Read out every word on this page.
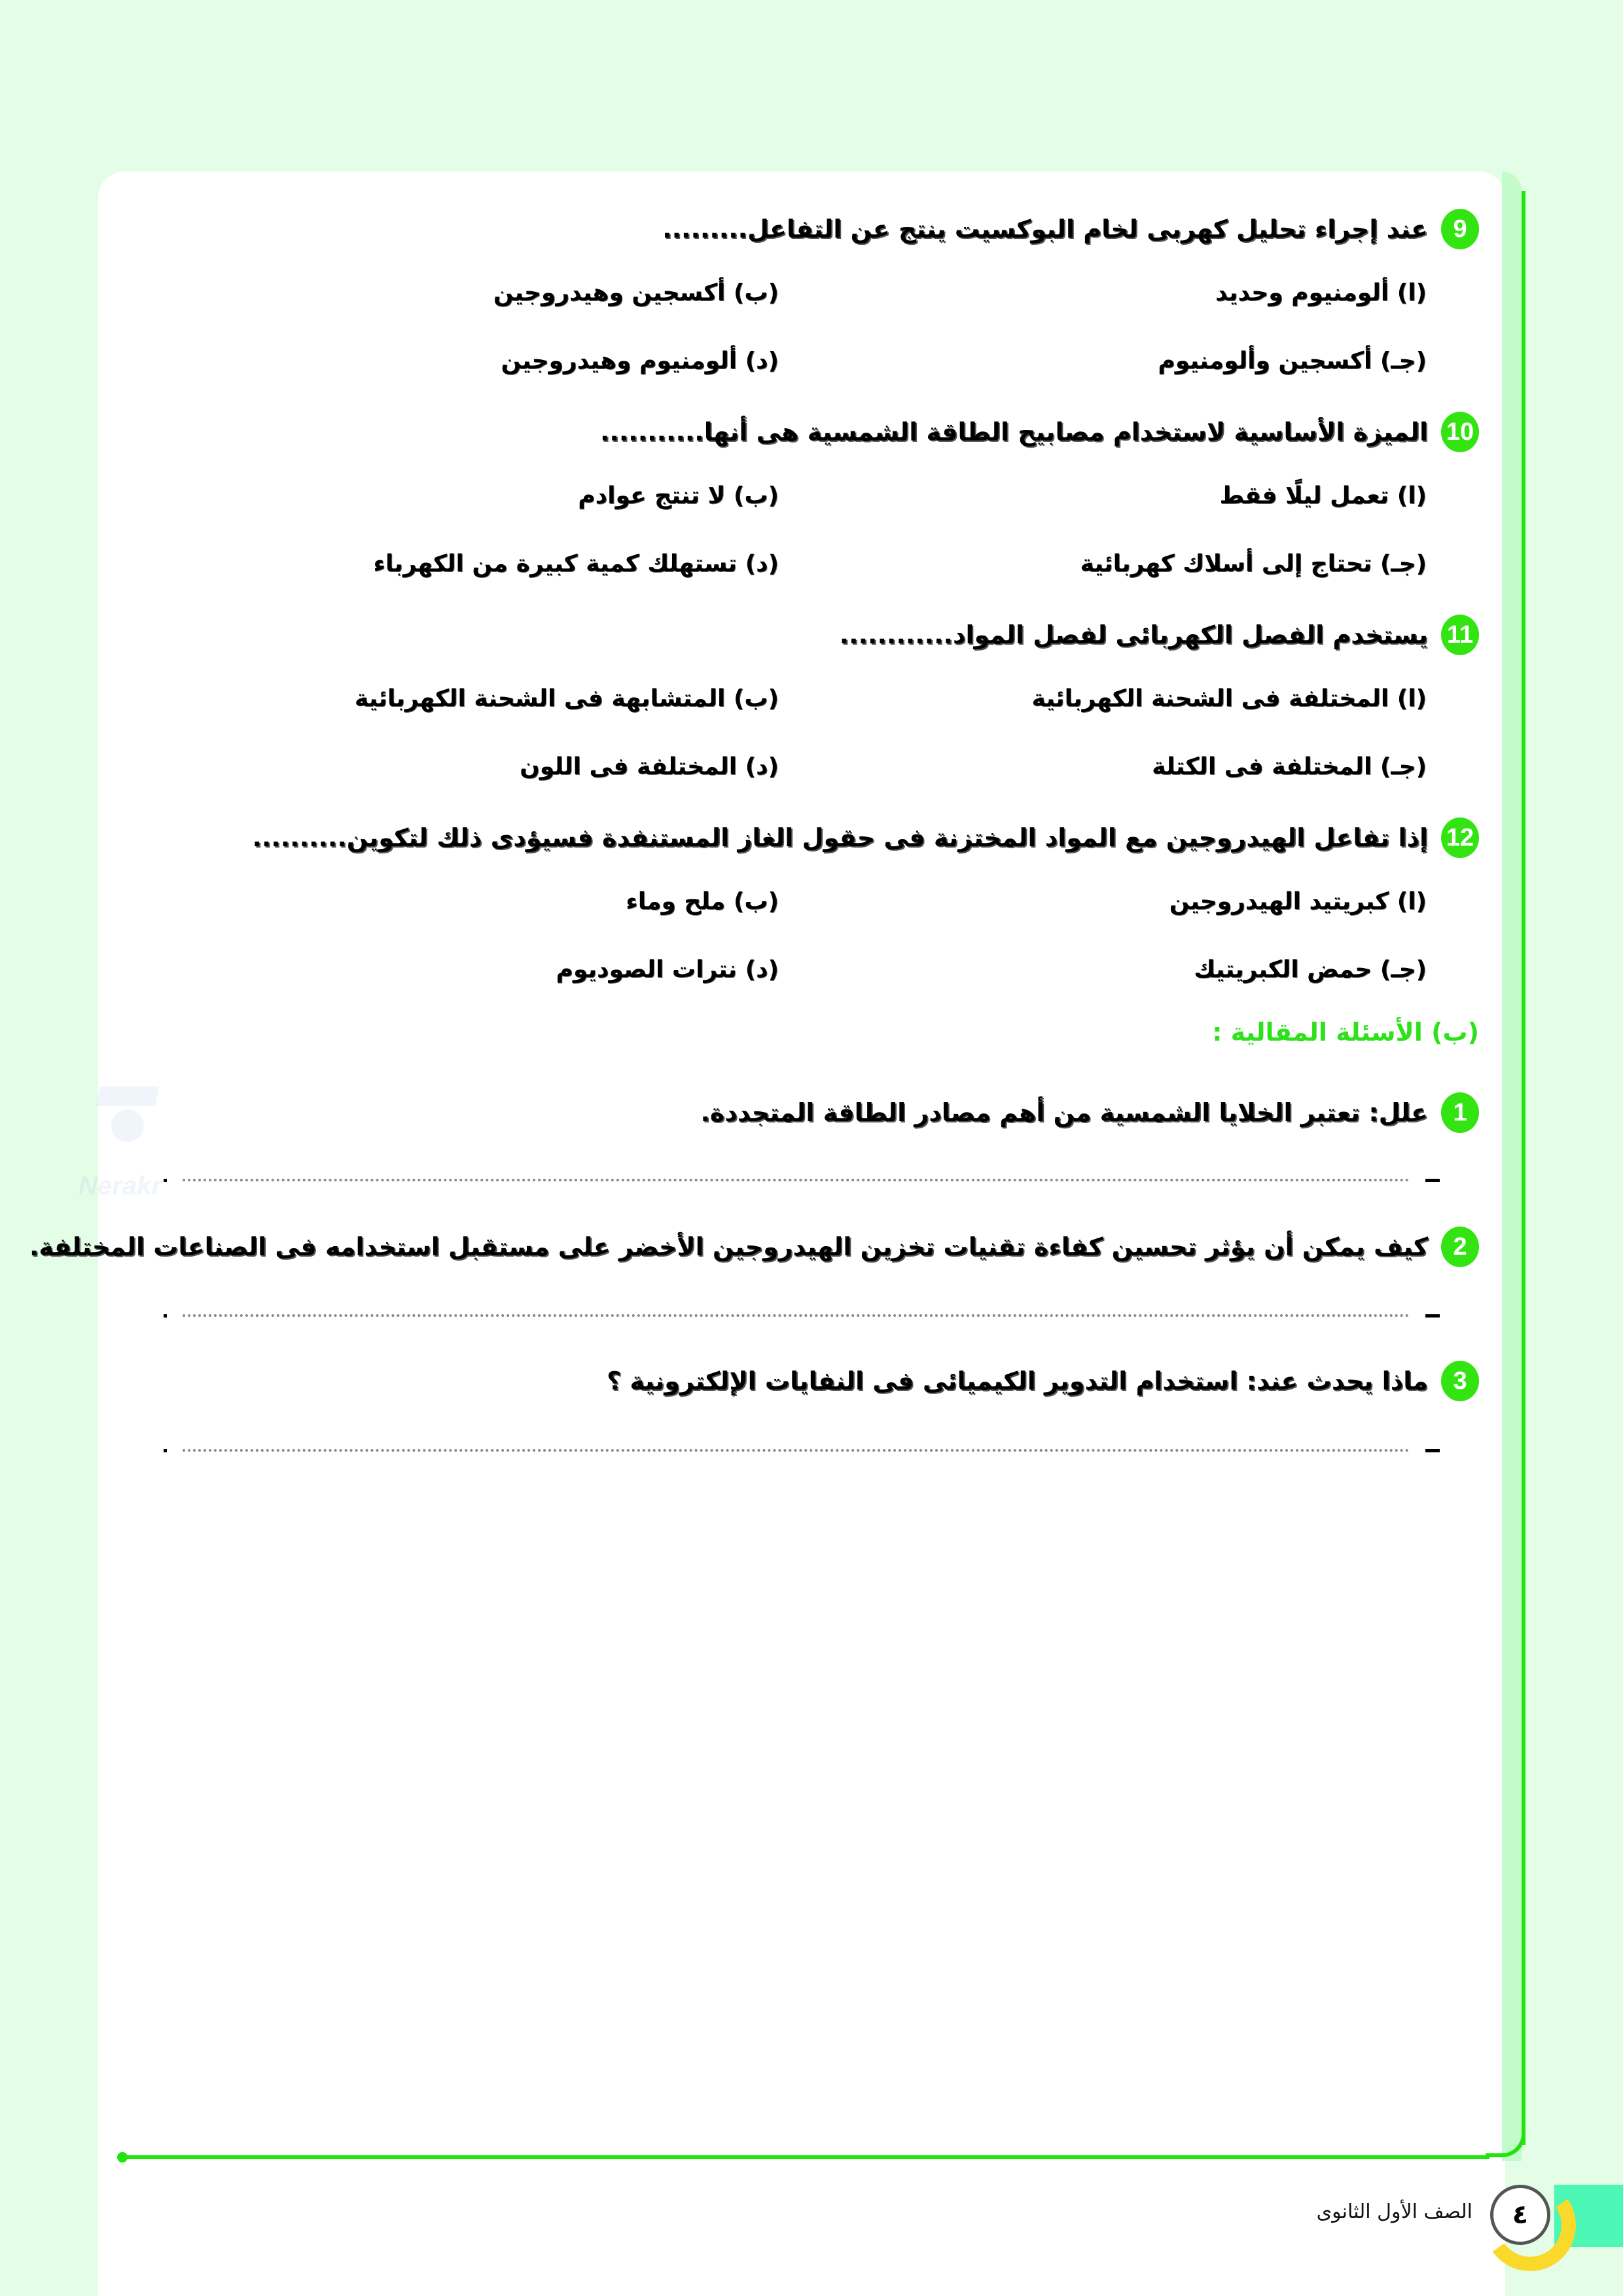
Nerakr
9
عند إجراء تحليل كهربى لخام البوكسيت ينتج عن التفاعل.........
(ا) ألومنيوم وحديد
(ب) أكسجين وهيدروجين
(جـ) أكسجين وألومنيوم
(د) ألومنيوم وهيدروجين
10
الميزة الأساسية لاستخدام مصابيح الطاقة الشمسية هى أنها...........
(ا) تعمل ليلًا فقط
(ب) لا تنتج عوادم
(جـ) تحتاج إلى أسلاك كهربائية
(د) تستهلك كمية كبيرة من الكهرباء
11
يستخدم الفصل الكهربائى لفصل المواد............
(ا) المختلفة فى الشحنة الكهربائية
(ب) المتشابهة فى الشحنة الكهربائية
(جـ) المختلفة فى الكتلة
(د) المختلفة فى اللون
12
إذا تفاعل الهيدروجين مع المواد المختزنة فى حقول الغاز المستنفدة فسيؤدى ذلك لتكوين..........
(ا) كبريتيد الهيدروجين
(ب) ملح وماء
(جـ) حمض الكبريتيك
(د) نترات الصوديوم
(ب) الأسئلة المقالية :
1
علل: تعتبر الخلايا الشمسية من أهم مصادر الطاقة المتجددة.
2
كيف يمكن أن يؤثر تحسين كفاءة تقنيات تخزين الهيدروجين الأخضر على مستقبل استخدامه فى الصناعات المختلفة.
3
ماذا يحدث عند: استخدام التدوير الكيميائى فى النفايات الإلكترونية ؟
٤
الصف الأول الثانوى
